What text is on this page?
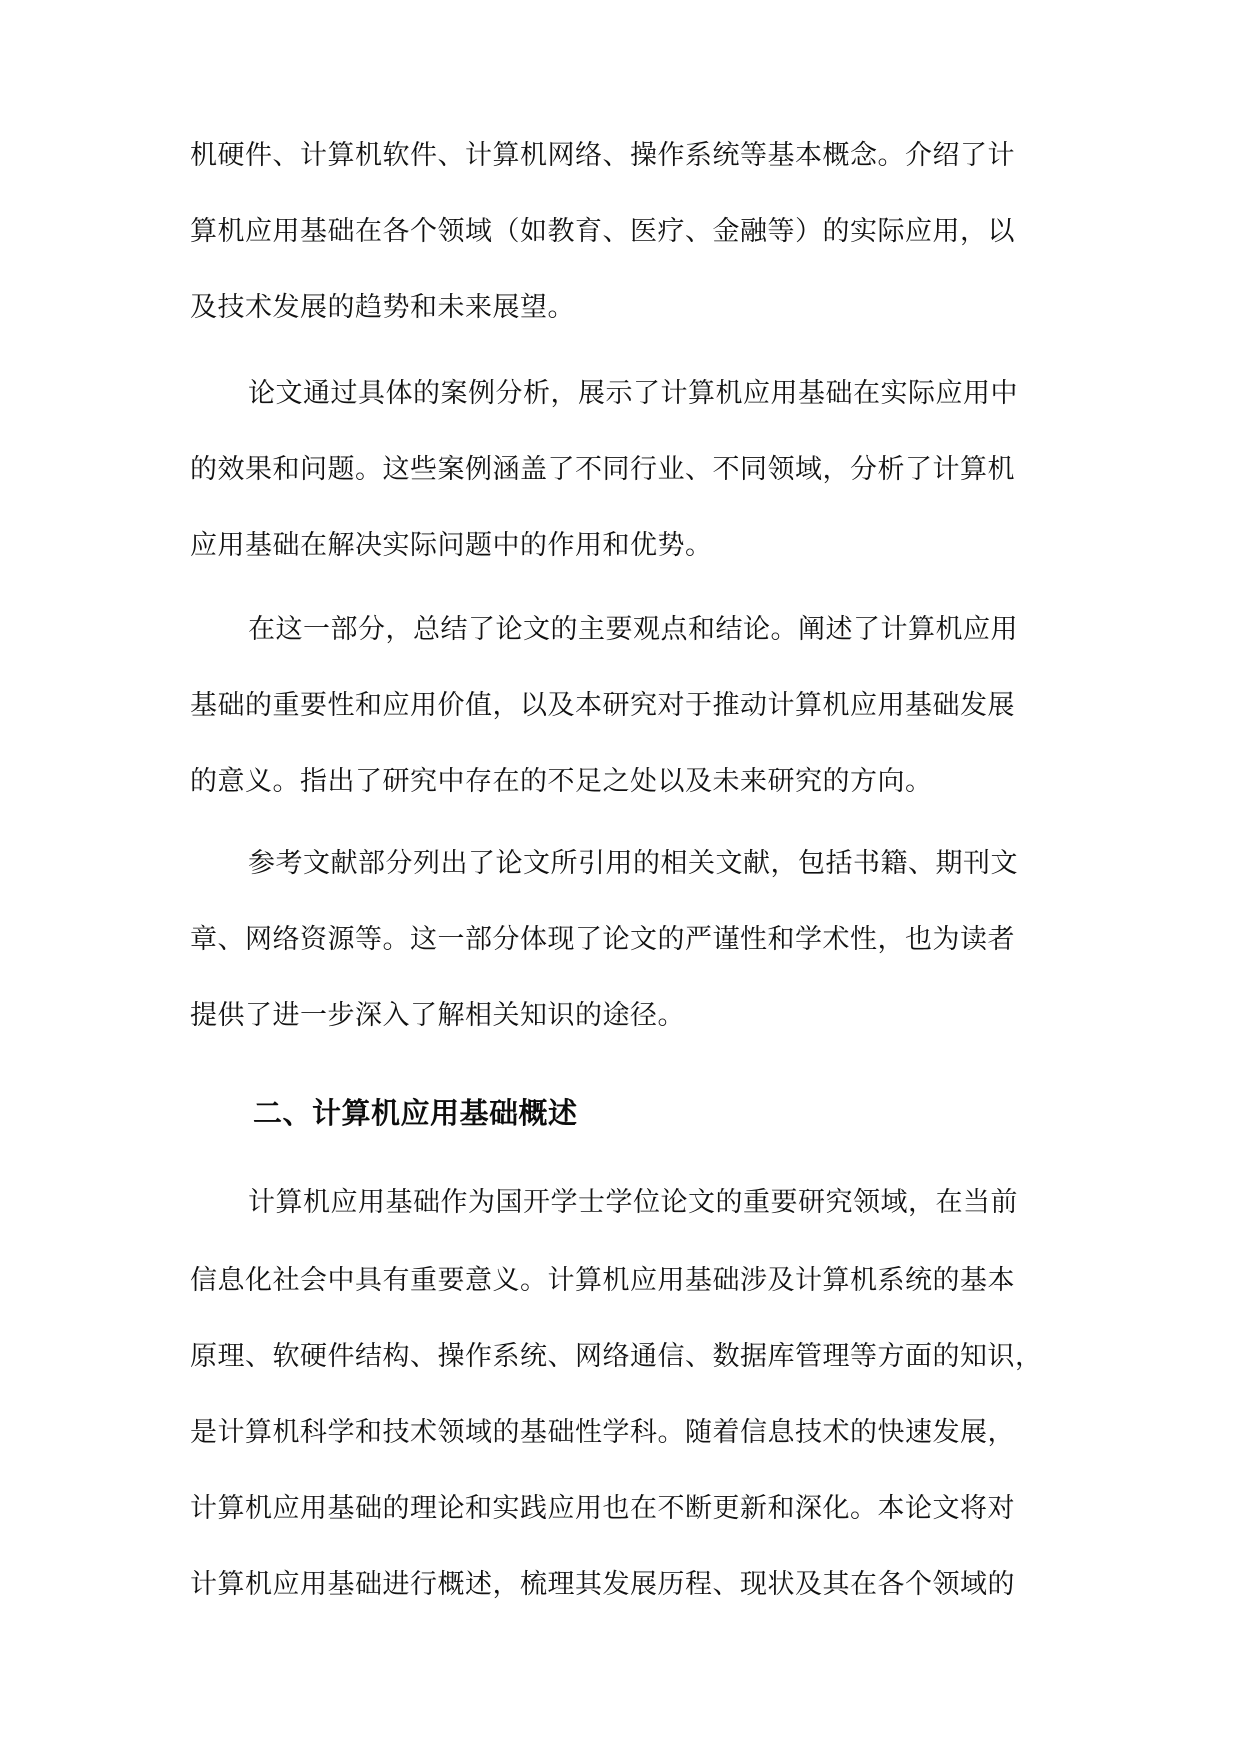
机硬件、计算机软件、计算机网络、操作系统等基本概念。介绍了计
算机应用基础在各个领域（如教育、医疗、金融等）的实际应用，以
及技术发展的趋势和未来展望。
论文通过具体的案例分析，展示了计算机应用基础在实际应用中
的效果和问题。这些案例涵盖了不同行业、不同领域，分析了计算机
应用基础在解决实际问题中的作用和优势。
在这一部分，总结了论文的主要观点和结论。阐述了计算机应用
基础的重要性和应用价值，以及本研究对于推动计算机应用基础发展
的意义。指出了研究中存在的不足之处以及未来研究的方向。
参考文献部分列出了论文所引用的相关文献，包括书籍、期刊文
章、网络资源等。这一部分体现了论文的严谨性和学术性，也为读者
提供了进一步深入了解相关知识的途径。
二、计算机应用基础概述
计算机应用基础作为国开学士学位论文的重要研究领域，在当前
信息化社会中具有重要意义。计算机应用基础涉及计算机系统的基本
原理、软硬件结构、操作系统、网络通信、数据库管理等方面的知识，
是计算机科学和技术领域的基础性学科。随着信息技术的快速发展，
计算机应用基础的理论和实践应用也在不断更新和深化。本论文将对
计算机应用基础进行概述，梳理其发展历程、现状及其在各个领域的
